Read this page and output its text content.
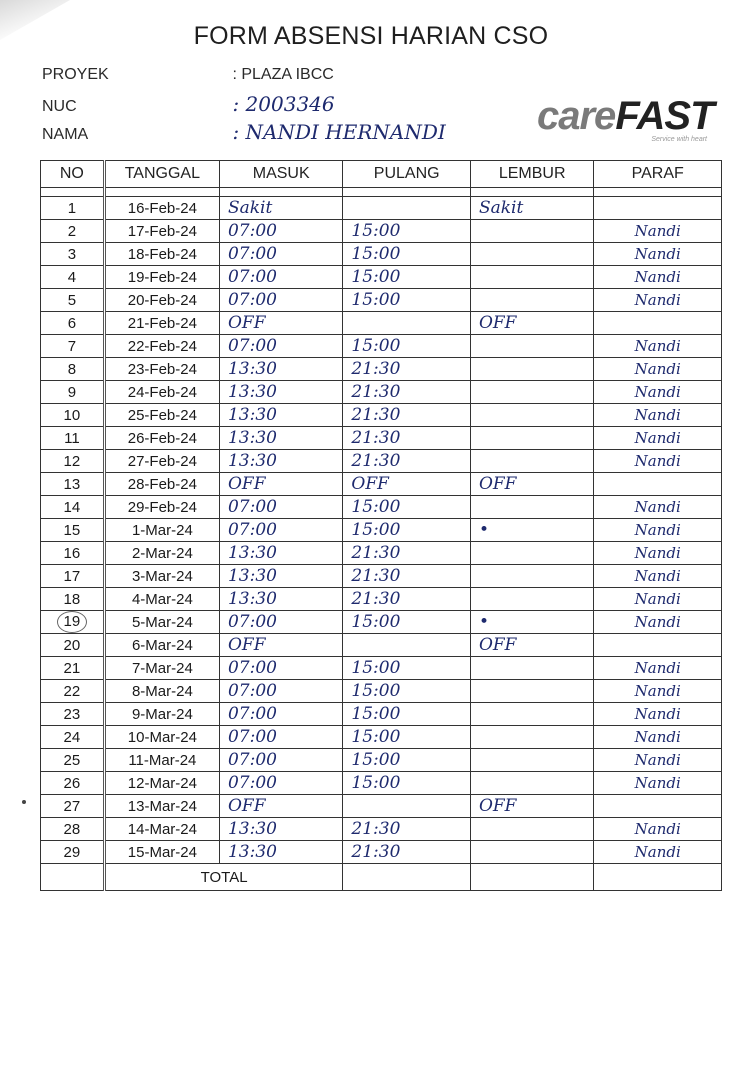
FORM ABSENSI HARIAN CSO
PROYEK	: PLAZA IBCC
NUC	: 2003346
NAMA	: NANDI HERNANDI careFAST
Service with heart
NO	TANGGAL	MASUK	PULANG	LEMBUR	PARAF

1	16-Feb-24	Sakit		Sakit	
2	17-Feb-24	07:00	15:00		Nandi
3	18-Feb-24	07:00	15:00		Nandi
4	19-Feb-24	07:00	15:00		Nandi
5	20-Feb-24	07:00	15:00		Nandi
6	21-Feb-24	OFF		OFF	
7	22-Feb-24	07:00	15:00		Nandi
8	23-Feb-24	13:30	21:30		Nandi
9	24-Feb-24	13:30	21:30		Nandi
10	25-Feb-24	13:30	21:30		Nandi
11	26-Feb-24	13:30	21:30		Nandi
12	27-Feb-24	13:30	21:30		Nandi
13	28-Feb-24	OFF	OFF	OFF	
14	29-Feb-24	07:00	15:00		Nandi
15	1-Mar-24	07:00	15:00	•	Nandi
16	2-Mar-24	13:30	21:30		Nandi
17	3-Mar-24	13:30	21:30		Nandi
18	4-Mar-24	13:30	21:30		Nandi
19	5-Mar-24	07:00	15:00	•	Nandi
20	6-Mar-24	OFF		OFF	
21	7-Mar-24	07:00	15:00		Nandi
22	8-Mar-24	07:00	15:00		Nandi
23	9-Mar-24	07:00	15:00		Nandi
24	10-Mar-24	07:00	15:00		Nandi
25	11-Mar-24	07:00	15:00		Nandi
26	12-Mar-24	07:00	15:00		Nandi
27	13-Mar-24	OFF		OFF	
28	14-Mar-24	13:30	21:30		Nandi
29	15-Mar-24	13:30	21:30		Nandi
	TOTAL				
